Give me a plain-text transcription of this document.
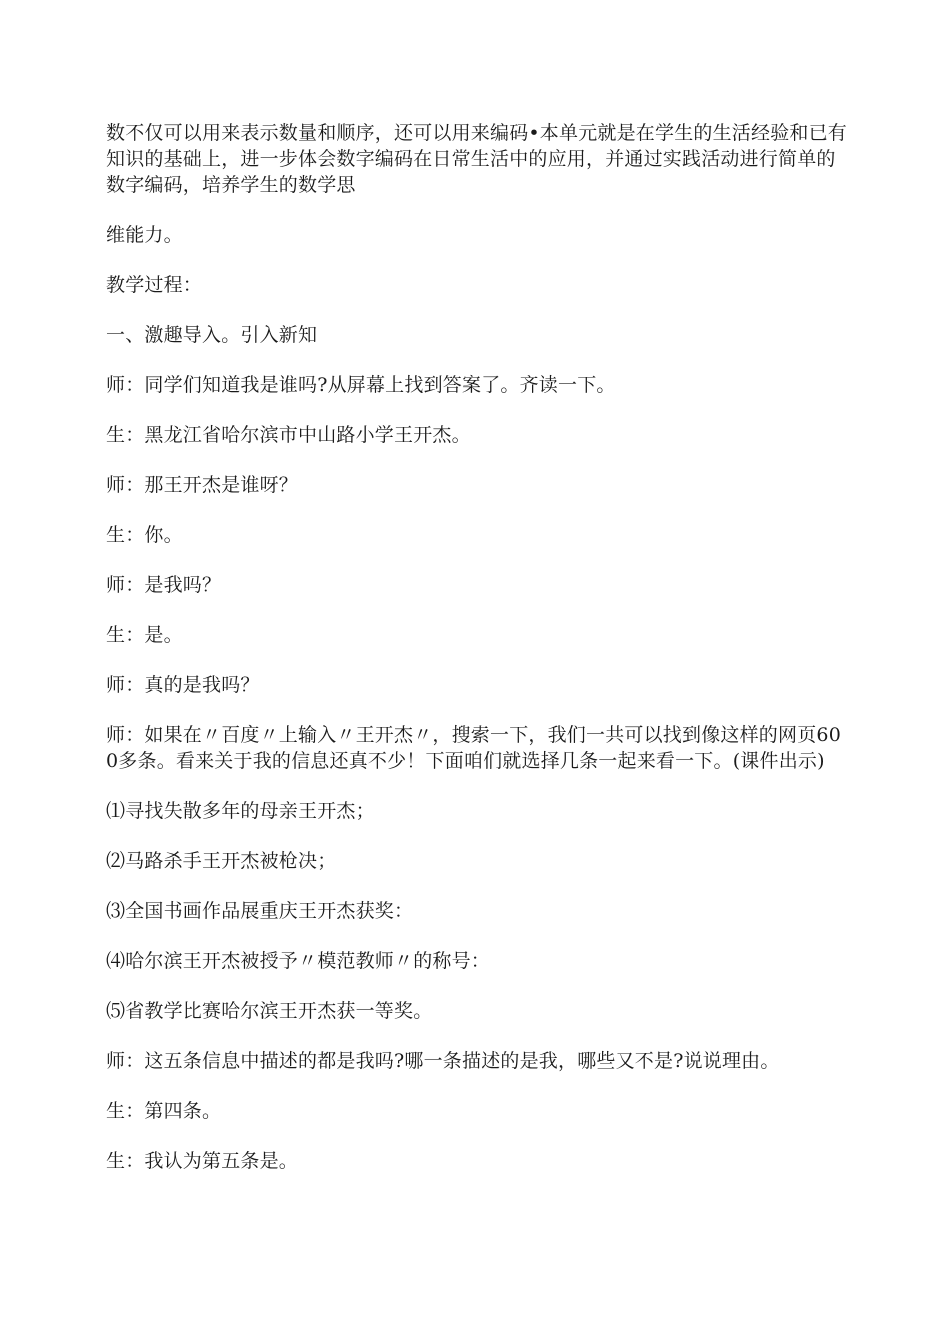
数不仅可以用来表示数量和顺序，还可以用来编码•本单元就是在学生的生活经验和已有知识的基础上，进一步体会数字编码在日常生活中的应用，并通过实践活动进行简单的数字编码，培养学生的数学思

维能力。

教学过程：

一、激趣导入。引入新知

师：同学们知道我是谁吗?从屏幕上找到答案了。齐读一下。

生：黑龙江省哈尔滨市中山路小学王开杰。

师：那王开杰是谁呀？

生：你。

师：是我吗？

生：是。

师：真的是我吗？

师：如果在〃百度〃上输入〃王开杰〃，搜索一下，我们一共可以找到像这样的网页600多条。看来关于我的信息还真不少！下面咱们就选择几条一起来看一下。(课件出示)

⑴寻找失散多年的母亲王开杰；

⑵马路杀手王开杰被枪决；

⑶全国书画作品展重庆王开杰获奖：

⑷哈尔滨王开杰被授予〃模范教师〃的称号：

⑸省教学比赛哈尔滨王开杰获一等奖。

师：这五条信息中描述的都是我吗?哪一条描述的是我，哪些又不是?说说理由。

生：第四条。

生：我认为第五条是。
